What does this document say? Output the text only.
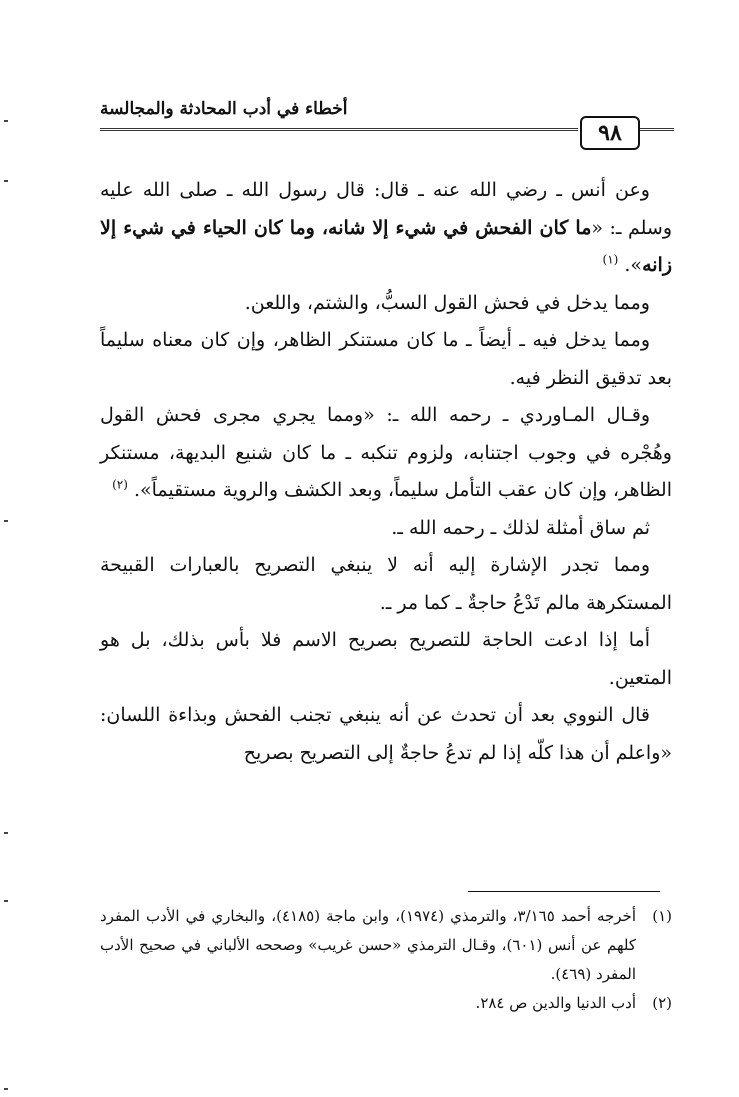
أخطاء في أدب المحادثة والمجالسة
٩٨

وعن أنس ـ رضي الله عنه ـ قال: قال رسول الله ـ صلى الله عليه وسلم ـ: «ما كان الفحش في شيء إلا شانه، وما كان الحياء في شيء إلا زانه». $^{(١)}$

ومما يدخل في فحش القول السبُّ، والشتم، واللعن.

ومما يدخل فيه ـ أيضاً ـ ما كان مستنكر الظاهر، وإن كان معناه سليماً بعد تدقيق النظر فيه.

وقـال المـاوردي ـ رحمه الله ـ: «ومما يجري مجرى فحش القول وهُجْره في وجوب اجتنابه، ولزوم تنكبه ـ ما كان شنيع البديهة، مستنكر الظاهر، وإن كان عقب التأمل سليماً، وبعد الكشف والروية مستقيماً». $^{(٢)}$

ثم ساق أمثلة لذلك ـ رحمه الله ـ.

ومما تجدر الإشارة إليه أنه لا ينبغي التصريح بالعبارات القبيحة المستكرهة مالم تَدْعُ حاجةٌ ـ كما مر ـ.

أما إذا ادعت الحاجة للتصريح بصريح الاسم فلا بأس بذلك، بل هو المتعين.

قال النووي بعد أن تحدث عن أنه ينبغي تجنب الفحش وبذاءة اللسان: «واعلم أن هذا كلّه إذا لم تدعُ حاجةٌ إلى التصريح بصريح

(١)
أخرجه أحمد ٣/١٦٥، والترمذي (١٩٧٤)، وابن ماجة (٤١٨٥)، والبخاري في الأدب المفرد كلهم عن أنس (٦٠١)، وقـال الترمذي «حسن غريب» وصححه الألباني في صحيح الأدب المفرد (٤٦٩).

(٢)
أدب الدنيا والدين ص ٢٨٤.
